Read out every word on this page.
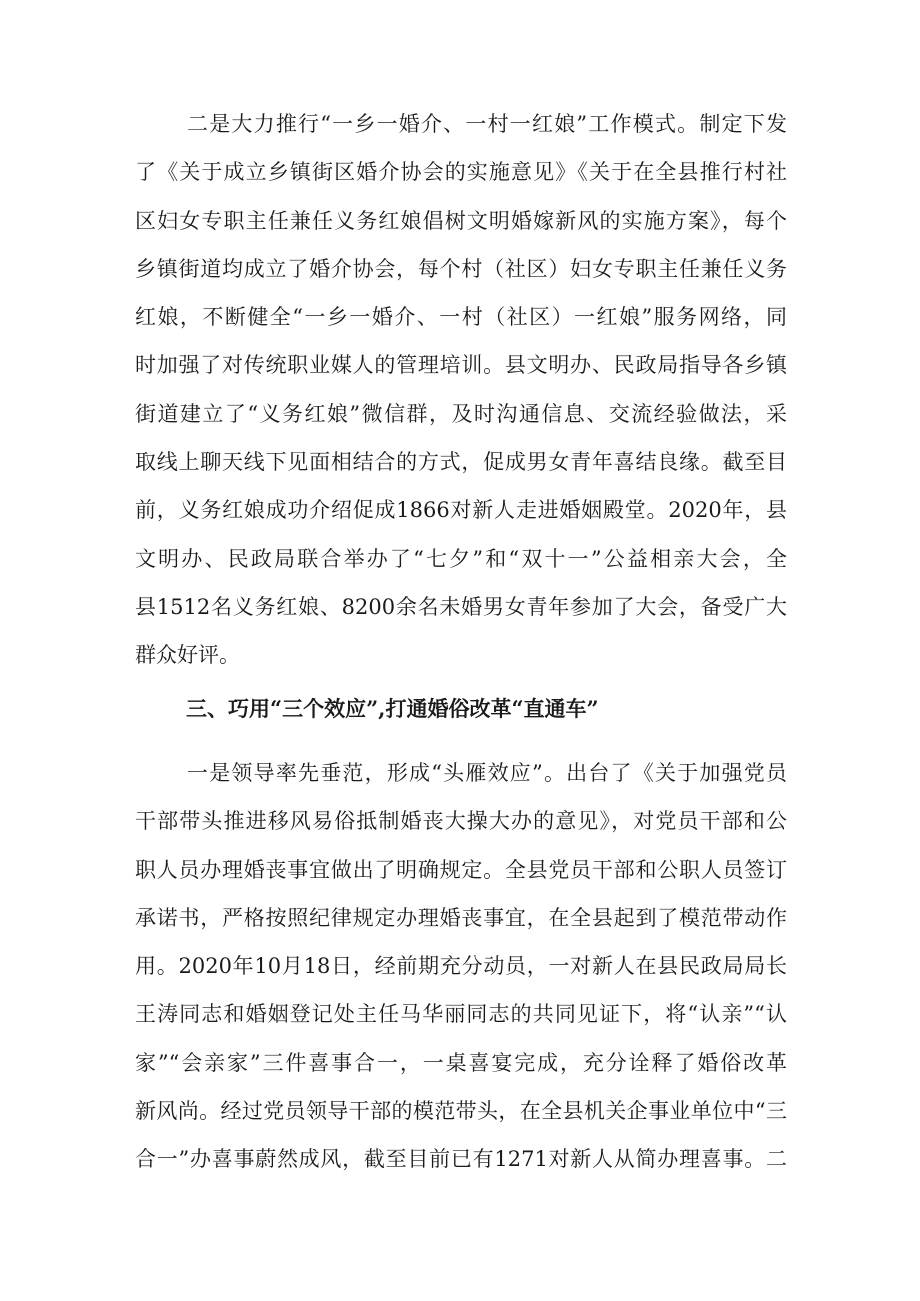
二是大力推行“一乡一婚介、一村一红娘”工作模式。制定下发
了《关于成立乡镇街区婚介协会的实施意见》《关于在全县推行村社
区妇女专职主任兼任义务红娘倡树文明婚嫁新风的实施方案》，每个
乡镇街道均成立了婚介协会，每个村（社区）妇女专职主任兼任义务
红娘，不断健全“一乡一婚介、一村（社区）一红娘”服务网络，同
时加强了对传统职业媒人的管理培训。县文明办、民政局指导各乡镇
街道建立了“义务红娘”微信群，及时沟通信息、交流经验做法，采
取线上聊天线下见面相结合的方式，促成男女青年喜结良缘。截至目
前，义务红娘成功介绍促成1866对新人走进婚姻殿堂。2020年，县
文明办、民政局联合举办了“七夕”和“双十一”公益相亲大会，全
县1512名义务红娘、8200余名未婚男女青年参加了大会，备受广大
群众好评。
三、巧用“三个效应”,打通婚俗改革“直通车”
一是领导率先垂范，形成“头雁效应”。出台了《关于加强党员
干部带头推进移风易俗抵制婚丧大操大办的意见》，对党员干部和公
职人员办理婚丧事宜做出了明确规定。全县党员干部和公职人员签订
承诺书，严格按照纪律规定办理婚丧事宜，在全县起到了模范带动作
用。2020年10月18日，经前期充分动员，一对新人在县民政局局长
王涛同志和婚姻登记处主任马华丽同志的共同见证下，将“认亲”“认
家”“会亲家”三件喜事合一，一桌喜宴完成，充分诠释了婚俗改革
新风尚。经过党员领导干部的模范带头，在全县机关企事业单位中“三
合一”办喜事蔚然成风，截至目前已有1271对新人从简办理喜事。二
